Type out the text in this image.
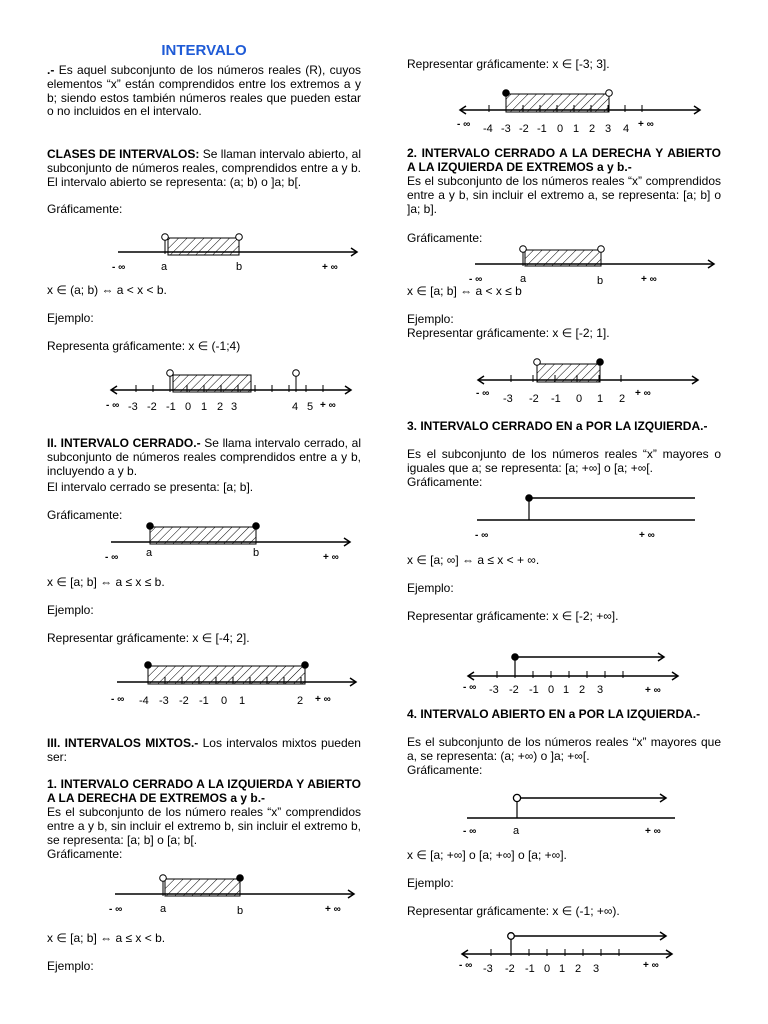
INTERVALO
.- Es aquel subconjunto de los números reales (R), cuyos elementos “x” están comprendidos entre los extremos a y b; siendo estos también números reales que pueden estar o no incluidos en el intervalo.
CLASES DE INTERVALOS: Se llaman intervalo abierto, al subconjunto de números reales, comprendidos entre a y b. El intervalo abierto se representa: (a; b) o ]a; b[.
Gráficamente:
- ∞	a	b	+ ∞
x ∈ (a; b) ⇔ a < x < b.
Ejemplo:
Representa gráficamente: x ∈ (-1;4)
- ∞ -3 -2 -1 0 1 2 3	4 5 + ∞
II. INTERVALO CERRADO.- Se llama intervalo cerrado, al subconjunto de números reales comprendidos entre a y b, incluyendo a y b.
El intervalo cerrado se presenta: [a; b].
Gráficamente:
- ∞	a	b	+ ∞
x ∈ [a; b] ⇔ a ≤ x ≤ b.
Ejemplo:
Representar gráficamente: x ∈ [-4; 2].
- ∞ -4 -3 -2 -1 0 1	2 + ∞
III. INTERVALOS MIXTOS.- Los intervalos mixtos pueden ser:
1. INTERVALO CERRADO A LA IZQUIERDA Y ABIERTO A LA DERECHA DE EXTREMOS a y b.-
Es el subconjunto de los número reales “x” comprendidos entre a y b, sin incluir el extremo b, sin incluir el extremo b, se representa: [a; b] o [a; b[.
Gráficamente:
- ∞	a	b	+ ∞
x ∈ [a; b] ⇔ a ≤ x < b.
Ejemplo:
Representar gráficamente: x ∈ [-3; 3].
- ∞ -4 -3 -2 -1 0 1 2 3 4 + ∞
2. INTERVALO CERRADO A LA DERECHA Y ABIERTO A LA IZQUIERDA DE EXTREMOS a y b.-
Es el subconjunto de los números reales “x” comprendidos entre a y b, sin incluir el extremo a, se representa: [a; b] o ]a; b].
Gráficamente:
- ∞	a	b	+ ∞
x ∈ [a; b] ⇔ a < x ≤ b
Ejemplo:
Representar gráficamente: x ∈ [-2; 1].
- ∞ -3 -2 -1 0 1 2 + ∞
3. INTERVALO CERRADO EN a POR LA IZQUIERDA.-
Es el subconjunto de los números reales “x” mayores o iguales que a; se representa: [a; +∞] o [a; +∞[.
Gráficamente:
- ∞	+ ∞
x ∈ [a; ∞] ⇔ a ≤ x < + ∞.
Ejemplo:
Representar gráficamente: x ∈ [-2; +∞].
- ∞ -3 -2 -1 0 1 2 3	+ ∞
4. INTERVALO ABIERTO EN a POR LA IZQUIERDA.-
Es el subconjunto de los números reales “x” mayores que a, se representa: (a; +∞) o ]a; +∞[.
Gráficamente:
- ∞	a	+ ∞
x ∈ [a; +∞] o [a; +∞] o [a; +∞].
Ejemplo:
Representar gráficamente: x ∈ (-1; +∞).
- ∞ -3 -2 -1 0 1 2 3	+ ∞
